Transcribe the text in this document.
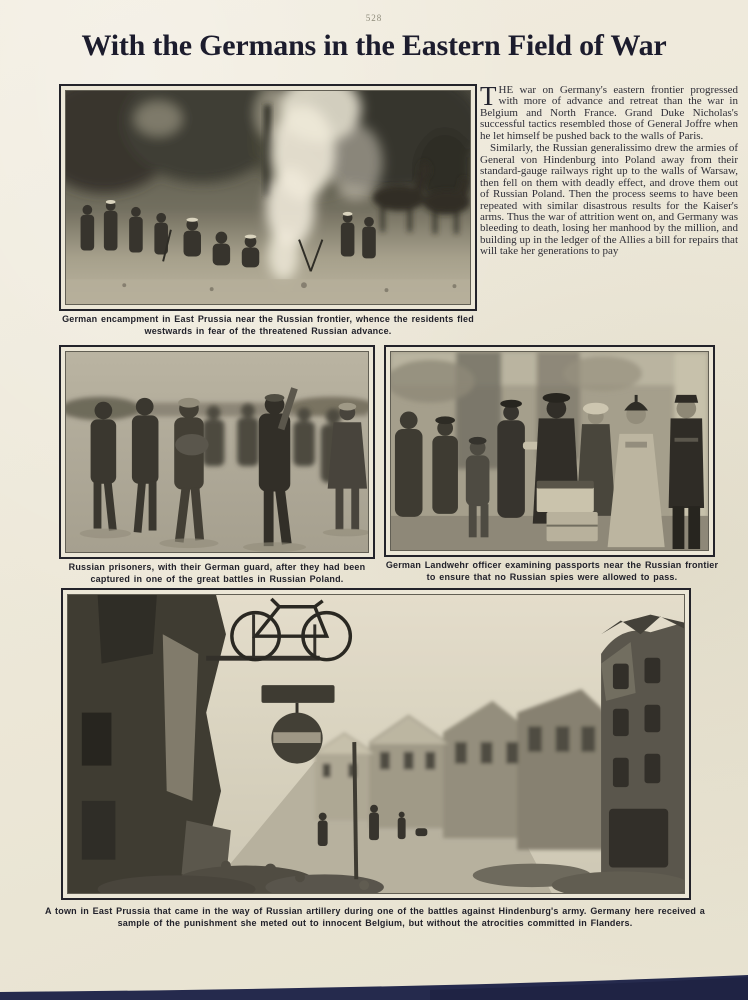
528
With the Germans in the Eastern Field of War
German encampment in East Prussia near the Russian frontier, whence the residents fled westwards in fear of the threatened Russian advance.
Russian prisoners, with their German guard, after they had been captured in one of the great battles in Russian Poland.
German Landwehr officer examining passports near the Russian frontier to ensure that no Russian spies were allowed to pass.
A town in East Prussia that came in the way of Russian artillery during one of the battles against Hindenburg's army. Germany here received a sample of the punishment she meted out to innocent Belgium, but without the atrocities committed in Flanders.

THE war on Germany's eastern frontier progressed with more of advance and retreat than the war in Belgium and North France. Grand Duke Nicholas's successful tactics resembled those of General Joffre when he let himself be pushed back to the walls of Paris.

Similarly, the Russian generalissimo drew the armies of General von Hindenburg into Poland away from their standard-gauge railways right up to the walls of Warsaw, then fell on them with deadly effect, and drove them out of Russian Poland. Then the process seems to have been repeated with similar disastrous results for the Kaiser's arms. Thus the war of attrition went on, and Germany was bleeding to death, losing her manhood by the million, and building up in the ledger of the Allies a bill for repairs that will take her generations to pay
